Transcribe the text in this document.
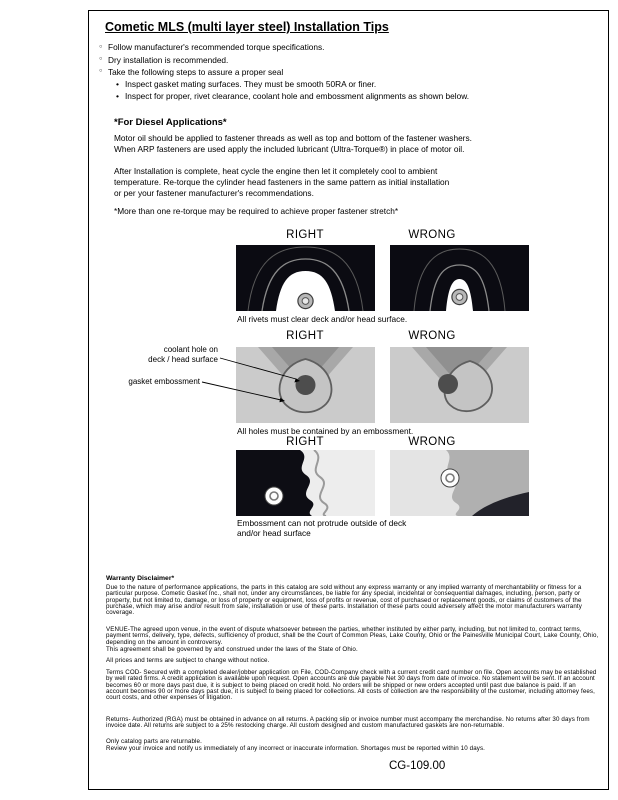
Cometic MLS (multi layer steel) Installation Tips
○ Follow manufacturer's recommended torque specifications.
○ Dry installation is recommended.
○ Take the following steps to assure a proper seal
• Inspect gasket mating surfaces. They must be smooth 50RA or finer.
• Inspect for proper, rivet clearance, coolant hole and embossment alignments as shown below.
*For Diesel Applications*
Motor oil should be applied to fastener threads as well as top and bottom of the fastener washers.
When ARP fasteners are used apply the included lubricant (Ultra-Torque®) in place of motor oil.
After Installation is complete, heat cycle the engine then let it completely cool to ambient
temperature. Re-torque the cylinder head fasteners in the same pattern as initial installation
or per your fastener manufacturer's recommendations.
*More than one re-torque may be required to achieve proper fastener stretch*
RIGHT	WRONG
All rivets must clear deck and/or head surface.
RIGHT	WRONG
coolant hole on
deck / head surface
gasket embossment
All holes must be contained by an embossment.
RIGHT	WRONG
Embossment can not protrude outside of deck
and/or head surface
Warranty Disclaimer*
Due to the nature of performance applications, the parts in this catalog are sold without any express warranty or any implied warranty of merchantability or fitness for a particular purpose. Cometic Gasket Inc., shall not, under any circumstances, be liable for any special, incidental or consequential damages, including, person, party or property, but not limited to, damage, or loss of property or equipment, loss of profits or revenue, cost of purchased or replacement goods, or claims of customers of the purchase, which may arise and/or result from sale, installation or use of these parts. Installation of these parts could adversely affect the motor manufacturers warranty coverage.
VENUE-The agreed upon venue, in the event of dispute whatsoever between the parties, whether instituted by either party, including, but not limited to, contract terms, payment terms, delivery, type, defects, sufficiency of product, shall be the Court of Common Pleas, Lake County, Ohio or the Painesville Municipal Court, Lake County, Ohio, depending on the amount in controversy.
This agreement shall be governed by and construed under the laws of the State of Ohio.
All prices and terms are subject to change without notice.
Terms COD- Secured with a completed dealer/jobber application on File, COD-Company check with a current credit card number on file. Open accounts may be established by well rated firms. A credit application is available upon request. Open accounts are due payable Net 30 days from date of invoice. No statement will be sent. If an account becomes 60 or more days past due, it is subject to being placed on credit hold. No orders will be shipped or new orders accepted until past due balance is paid. If an account becomes 90 or more days past due, it is subject to being placed for collections. All costs of collection are the responsibility of the customer, including attorney fees, court costs, and other expenses of litigation.
Returns- Authorized (RGA) must be obtained in advance on all returns. A packing slip or invoice number must accompany the merchandise. No returns after 30 days from invoice date. All returns are subject to a 25% restocking charge. All custom designed and custom manufactured gaskets are non-returnable.
Only catalog parts are returnable.
Review your invoice and notify us immediately of any incorrect or inaccurate information. Shortages must be reported within 10 days.
CG-109.00
